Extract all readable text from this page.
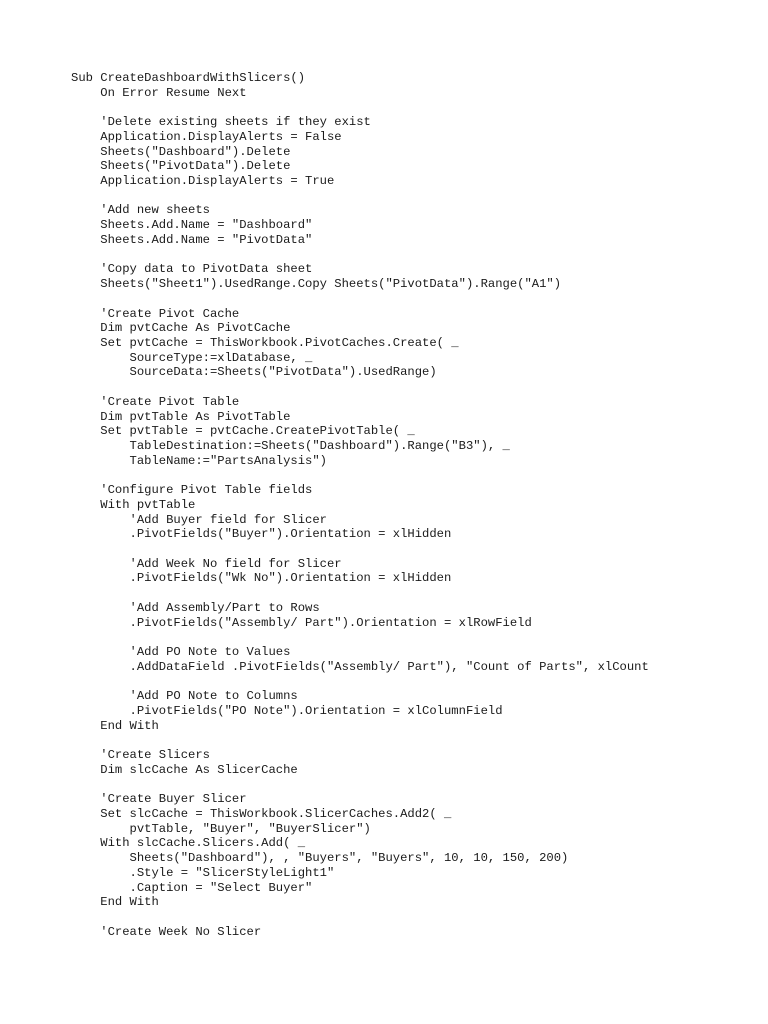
Sub CreateDashboardWithSlicers()
On Error Resume Next
'Delete existing sheets if they exist
Application.DisplayAlerts = False
Sheets("Dashboard").Delete
Sheets("PivotData").Delete
Application.DisplayAlerts = True
'Add new sheets
Sheets.Add.Name = "Dashboard"
Sheets.Add.Name = "PivotData"
'Copy data to PivotData sheet
Sheets("Sheet1").UsedRange.Copy Sheets("PivotData").Range("A1")
'Create Pivot Cache
Dim pvtCache As PivotCache
Set pvtCache = ThisWorkbook.PivotCaches.Create( _
SourceType:=xlDatabase, _
SourceData:=Sheets("PivotData").UsedRange)
'Create Pivot Table
Dim pvtTable As PivotTable
Set pvtTable = pvtCache.CreatePivotTable( _
TableDestination:=Sheets("Dashboard").Range("B3"), _
TableName:="PartsAnalysis")
'Configure Pivot Table fields
With pvtTable
'Add Buyer field for Slicer
.PivotFields("Buyer").Orientation = xlHidden
'Add Week No field for Slicer
.PivotFields("Wk No").Orientation = xlHidden
'Add Assembly/Part to Rows
.PivotFields("Assembly/ Part").Orientation = xlRowField
'Add PO Note to Values
.AddDataField .PivotFields("Assembly/ Part"), "Count of Parts", xlCount
'Add PO Note to Columns
.PivotFields("PO Note").Orientation = xlColumnField
End With
'Create Slicers
Dim slcCache As SlicerCache
'Create Buyer Slicer
Set slcCache = ThisWorkbook.SlicerCaches.Add2( _
pvtTable, "Buyer", "BuyerSlicer")
With slcCache.Slicers.Add( _
Sheets("Dashboard"), , "Buyers", "Buyers", 10, 10, 150, 200)
.Style = "SlicerStyleLight1"
.Caption = "Select Buyer"
End With
'Create Week No Slicer
